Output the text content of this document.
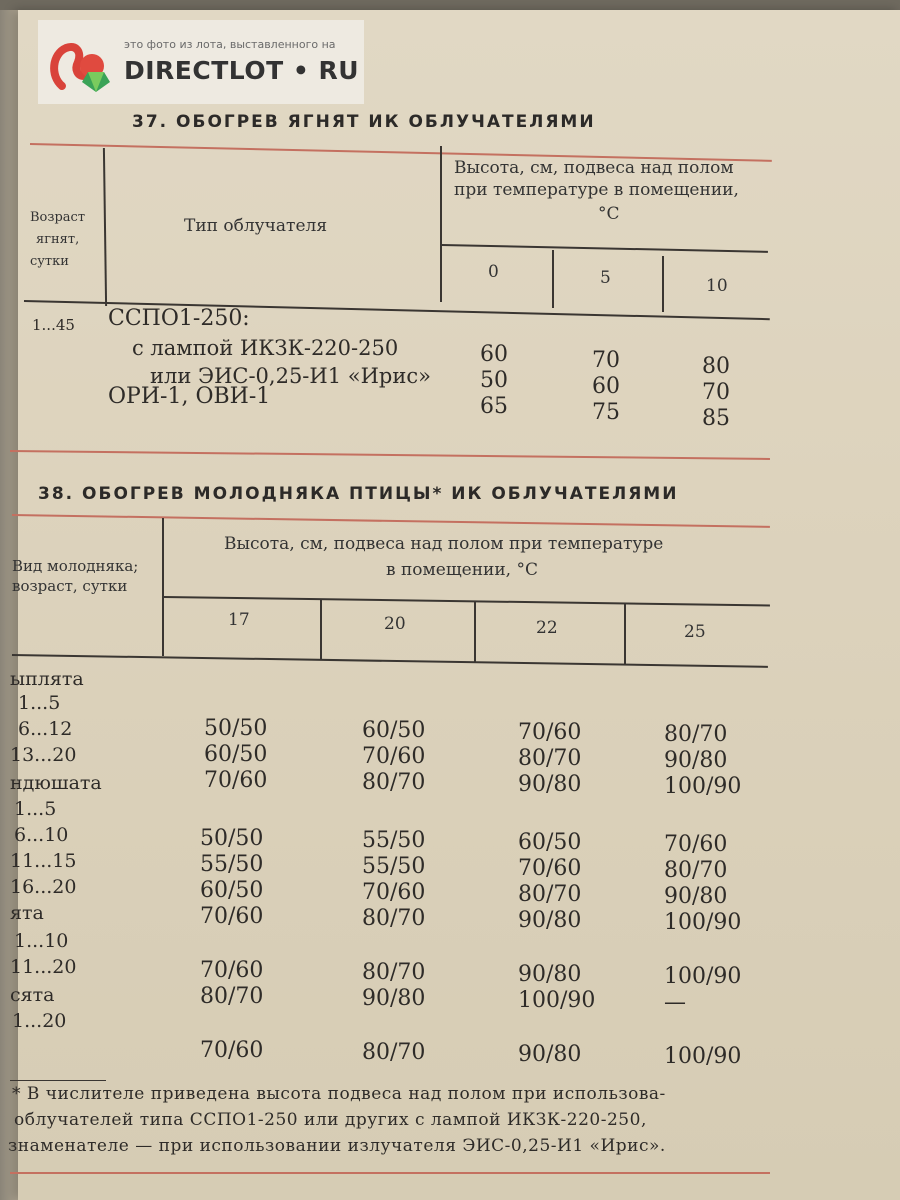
это фото из лота, выставленного на
DIRECTLOT • RU
37. ОБОГРЕВ ЯГНЯТ ИК ОБЛУЧАТЕЛЯМИ
Возраст
ягнят,
сутки
Тип облучателя
Высота, см, подвеса над полом
при температуре в помещении,
°С
0	5	10
1...45 ССПО1-250:
с лампой ИКЗК-220-250
или ЭИС-0,25-И1 «Ирис»
ОРИ-1, ОВИ-1
60	70	80
50	60	70
65	75	85
38. ОБОГРЕВ МОЛОДНЯКА ПТИЦЫ* ИК ОБЛУЧАТЕЛЯМИ
Вид молодняка;
возраст, сутки
Высота, см, подвеса над полом при температуре
в помещении, °С
17	20	22	25
ыплята
1...5
50/50	60/50	70/60	80/70
6...12
60/50	70/60	80/70	90/80
13...20
70/60	80/70	90/80	100/90
ндюшата
1...5
50/50	55/50	60/50	70/60
6...10
55/50	55/50	70/60	80/70
11...15
60/50	70/60	80/70	90/80
16...20
70/60	80/70	90/80	100/90
ята
1...10
70/60	80/70	90/80	100/90
11...20
80/70	90/80	100/90	—
сята
1...20
70/60	80/70	90/80	100/90
* В числителе приведена высота подвеса над полом при использова-
облучателей типа ССПО1-250 или других с лампой ИКЗК-220-250,
знаменателе — при использовании излучателя ЭИС-0,25-И1 «Ирис».
